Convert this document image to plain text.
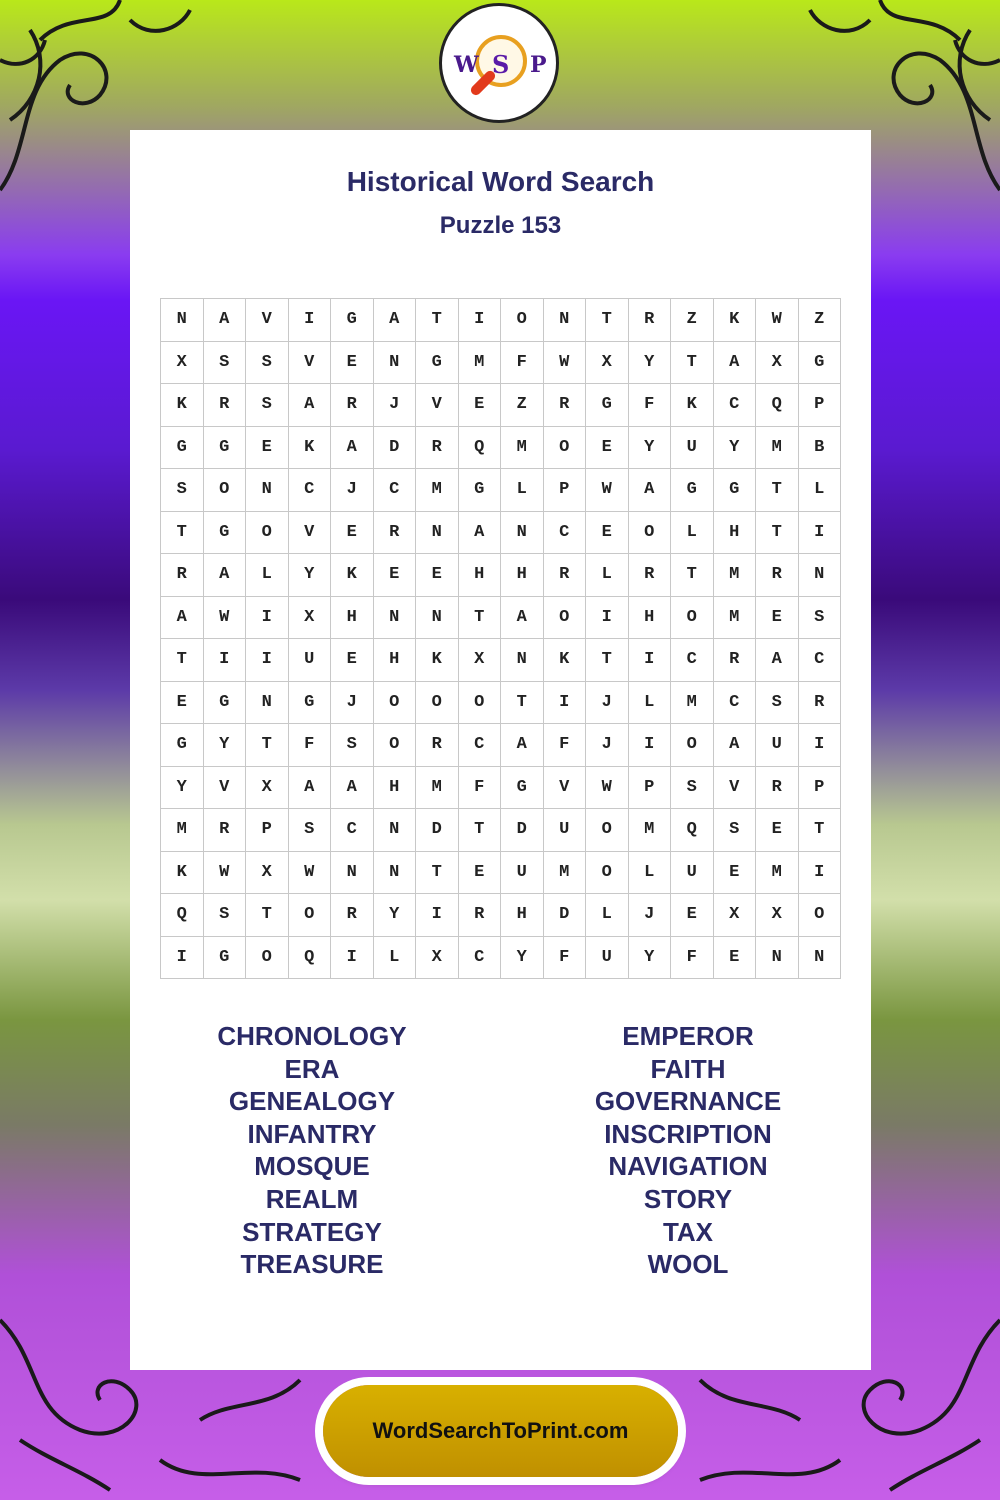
W S P
Historical Word Search
Puzzle 153
N	A	V	I	G	A	T	I	O	N	T	R	Z	K	W	Z
X	S	S	V	E	N	G	M	F	W	X	Y	T	A	X	G
K	R	S	A	R	J	V	E	Z	R	G	F	K	C	Q	P
G	G	E	K	A	D	R	Q	M	O	E	Y	U	Y	M	B
S	O	N	C	J	C	M	G	L	P	W	A	G	G	T	L
T	G	O	V	E	R	N	A	N	C	E	O	L	H	T	I
R	A	L	Y	K	E	E	H	H	R	L	R	T	M	R	N
A	W	I	X	H	N	N	T	A	O	I	H	O	M	E	S
T	I	I	U	E	H	K	X	N	K	T	I	C	R	A	C
E	G	N	G	J	O	O	O	T	I	J	L	M	C	S	R
G	Y	T	F	S	O	R	C	A	F	J	I	O	A	U	I
Y	V	X	A	A	H	M	F	G	V	W	P	S	V	R	P
M	R	P	S	C	N	D	T	D	U	O	M	Q	S	E	T
K	W	X	W	N	N	T	E	U	M	O	L	U	E	M	I
Q	S	T	O	R	Y	I	R	H	D	L	J	E	X	X	O
I	G	O	Q	I	L	X	C	Y	F	U	Y	F	E	N	N
CHRONOLOGY
ERA
GENEALOGY
INFANTRY
MOSQUE
REALM
STRATEGY
TREASURE
EMPEROR
FAITH
GOVERNANCE
INSCRIPTION
NAVIGATION
STORY
TAX
WOOL
WordSearchToPrint.com
